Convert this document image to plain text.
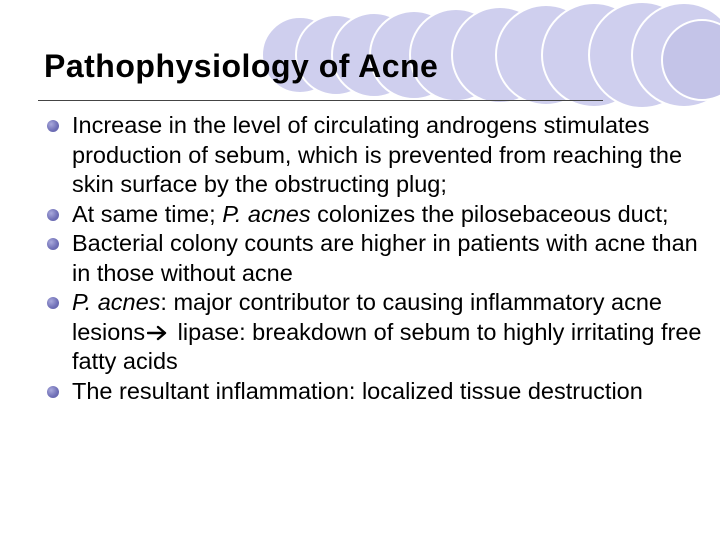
Pathophysiology of Acne
Increase in the level of circulating androgens stimulates production of sebum, which is prevented from reaching the skin surface by the obstructing plug;
At same time; P. acnes colonizes the pilosebaceous duct;
Bacterial colony counts are higher in patients with acne than in those without acne
P. acnes: major contributor to causing inflammatory acne lesions lipase: breakdown of sebum to highly irritating free fatty acids
The resultant inflammation: localized tissue destruction
